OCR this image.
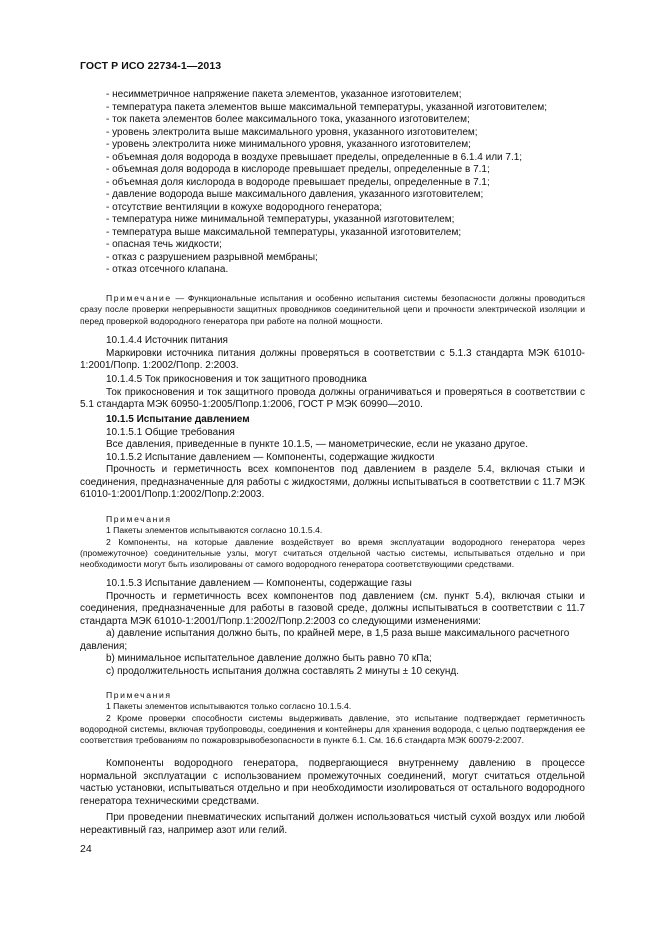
ГОСТ Р ИСО 22734-1—2013
- несимметричное напряжение пакета элементов, указанное изготовителем;
- температура пакета элементов выше максимальной температуры, указанной изготовителем;
- ток пакета элементов более максимального тока, указанного изготовителем;
- уровень электролита выше максимального уровня, указанного изготовителем;
- уровень электролита ниже минимального уровня, указанного изготовителем;
- объемная доля водорода в воздухе превышает пределы, определенные в 6.1.4 или 7.1;
- объемная доля водорода в кислороде превышает пределы, определенные в 7.1;
- объемная доля кислорода в водороде превышает пределы, определенные в 7.1;
- давление водорода выше максимального давления, указанного изготовителем;
- отсутствие вентиляции в кожухе водородного генератора;
- температура ниже минимальной температуры, указанной изготовителем;
- температура выше максимальной температуры, указанной изготовителем;
- опасная течь жидкости;
- отказ с разрушением разрывной мембраны;
- отказ отсечного клапана.

Примечание — Функциональные испытания и особенно испытания системы безопасности должны проводиться сразу после проверки непрерывности защитных проводников соединительной цепи и прочности электрической изоляции и перед проверкой водородного генератора при работе на полной мощности.

10.1.4.4 Источник питания

Маркировки источника питания должны проверяться в соответствии с 5.1.3 стандарта МЭК 61010-1:2001/Попр. 1:2002/Попр. 2:2003.

10.1.4.5 Ток прикосновения и ток защитного проводника

Ток прикосновения и ток защитного провода должны ограничиваться и проверяться в соответствии с 5.1 стандарта МЭК 60950-1:2005/Попр.1:2006, ГОСТ Р МЭК 60990—2010.

10.1.5 Испытание давлением

10.1.5.1 Общие требования

Все давления, приведенные в пункте 10.1.5, — манометрические, если не указано другое.

10.1.5.2 Испытание давлением — Компоненты, содержащие жидкости

Прочность и герметичность всех компонентов под давлением в разделе 5.4, включая стыки и соединения, предназначенные для работы с жидкостями, должны испытываться в соответствии с 11.7 МЭК 61010-1:2001/Попр.1:2002/Попр.2:2003.

Примечания

1 Пакеты элементов испытываются согласно 10.1.5.4.

2 Компоненты, на которые давление воздействует во время эксплуатации водородного генератора через (промежуточное) соединительные узлы, могут считаться отдельной частью системы, испытываться отдельно и при необходимости могут быть изолированы от самого водородного генератора соответствующими средствами.

10.1.5.3 Испытание давлением — Компоненты, содержащие газы

Прочность и герметичность всех компонентов под давлением (см. пункт 5.4), включая стыки и соединения, предназначенные для работы в газовой среде, должны испытываться в соответствии с 11.7 стандарта МЭК 61010-1:2001/Попр.1:2002/Попр.2:2003 со следующими изменениями:

a) давление испытания должно быть, по крайней мере, в 1,5 раза выше максимального расчетного давления;

b) минимальное испытательное давление должно быть равно 70 кПа;

c) продолжительность испытания должна составлять 2 минуты ± 10 секунд.

Примечания

1 Пакеты элементов испытываются только согласно 10.1.5.4.

2 Кроме проверки способности системы выдерживать давление, это испытание подтверждает герметичность водородной системы, включая трубопроводы, соединения и контейнеры для хранения водорода, с целью подтверждения ее соответствия требованиям по пожаровзрывобезопасности в пункте 6.1. См. 16.6 стандарта МЭК 60079-2:2007.

Компоненты водородного генератора, подвергающиеся внутреннему давлению в процессе нормальной эксплуатации с использованием промежуточных соединений, могут считаться отдельной частью установки, испытываться отдельно и при необходимости изолироваться от остального водородного генератора техническими средствами.

При проведении пневматических испытаний должен использоваться чистый сухой воздух или любой нереактивный газ, например азот или гелий.

24
